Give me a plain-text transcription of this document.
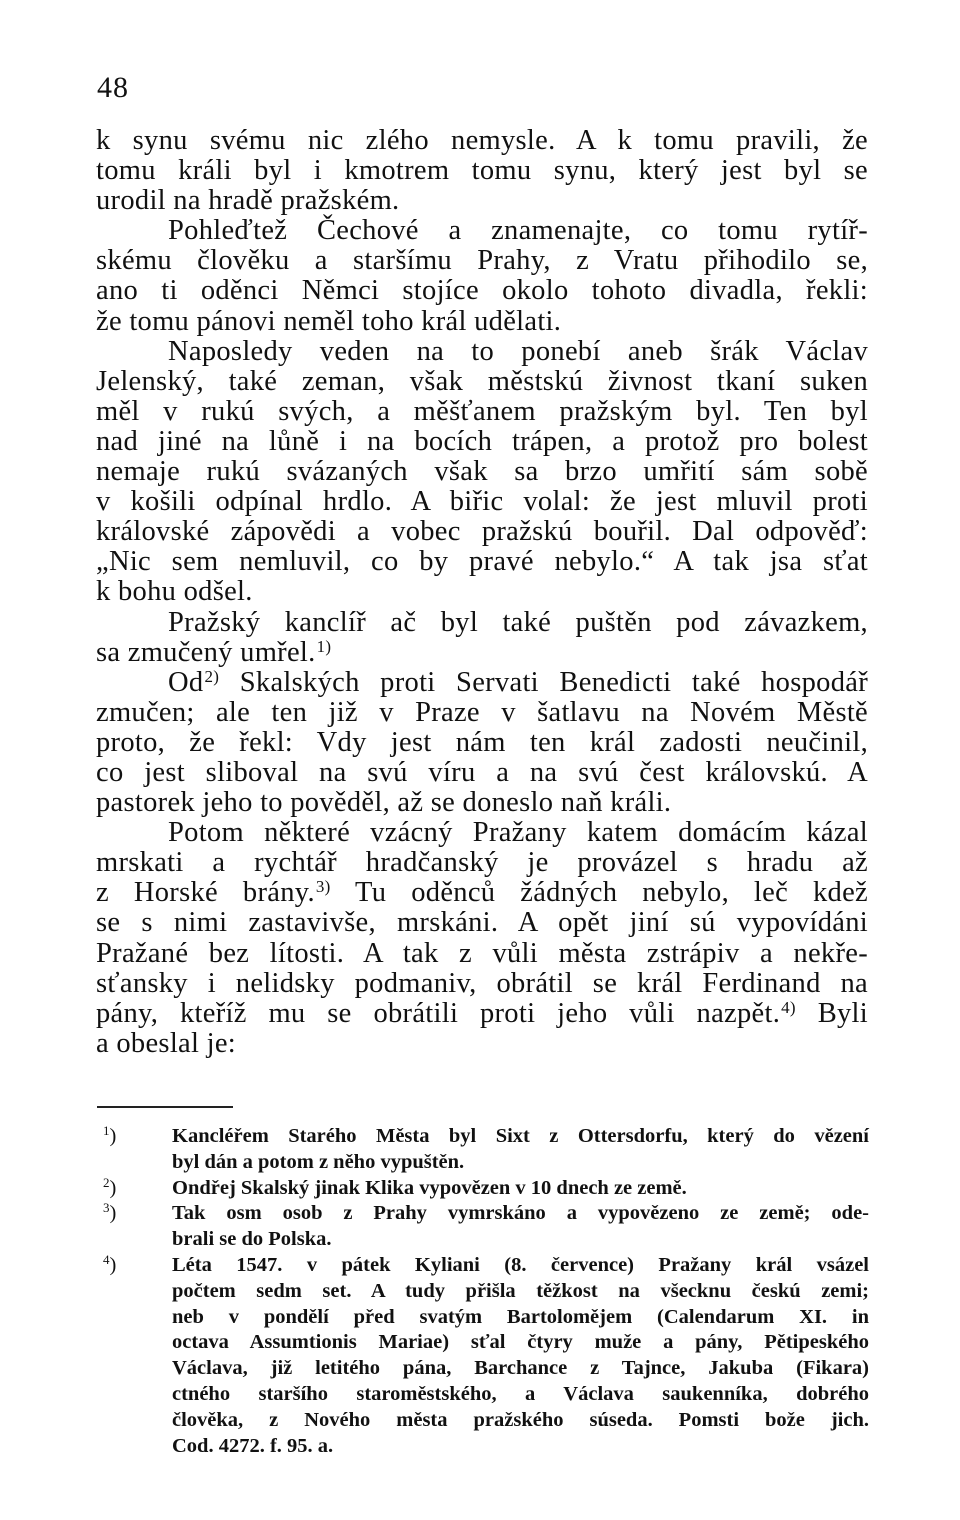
48
k synu svému nic zlého nemysle. A k tomu pravili, že
tomu králi byl i kmotrem tomu synu, který jest byl se
urodil na hradě pražském.
Pohleďtež Čechové a znamenajte, co tomu rytíř-
skému člověku a staršímu Prahy, z Vratu přihodilo se,
ano ti oděnci Němci stojíce okolo tohoto divadla, řekli:
že tomu pánovi neměl toho král udělati.
Naposledy veden na to ponebí aneb šrák Václav
Jelenský, také zeman, však městskú živnost tkaní suken
měl v rukú svých, a měšťanem pražským byl. Ten byl
nad jiné na lůně i na bocích trápen, a protož pro bolest
nemaje rukú svázaných však sa brzo umřití sám sobě
v košili odpínal hrdlo. A biřic volal: že jest mluvil proti
královské zápovědi a vobec pražskú bouřil. Dal odpověď:
„Nic sem nemluvil, co by pravé nebylo.“ A tak jsa sťat
k bohu odšel.
Pražský kanclíř ač byl také puštěn pod závazkem,
sa zmučený umřel.$^{1)}$
Od$^{2)}$ Skalských proti Servati Benedicti také hospodář
zmučen; ale ten již v Praze v šatlavu na Novém Městě
proto, že řekl: Vdy jest nám ten král zadosti neučinil,
co jest sliboval na svú víru a na svú čest královskú. A
pastorek jeho to pověděl, až se doneslo naň králi.
Potom některé vzácný Pražany katem domácím kázal
mrskati a rychtář hradčanský je provázel s hradu až
z Horské brány.$^{3)}$ Tu oděnců žádných nebylo, leč kdež
se s nimi zastavivše, mrskáni. A opět jiní sú vypovídáni
Pražané bez lítosti. A tak z vůli města zstrápiv a nekře-
sťansky i nelidsky podmaniv, obrátil se král Ferdinand na
pány, kteříž mu se obrátili proti jeho vůli nazpět.$^{4)}$ Byli
a obeslal je:
$^1$)	Kancléřem Starého Města byl Sixt z Ottersdorfu, který do vězení
byl dán a potom z něho vypuštěn.
$^2$)	Ondřej Skalský jinak Klika vypovězen v 10 dnech ze země.
$^3$)	Tak osm osob z Prahy vymrskáno a vypovězeno ze země; ode-
brali se do Polska.
$^4$)	Léta 1547. v pátek Kyliani (8. července) Pražany král vsázel
počtem sedm set. A tudy přišla těžkost na všecknu českú zemi;
neb v pondělí před svatým Bartolomějem (Calendarum XI. in
octava Assumtionis Mariae) sťal čtyry muže a pány, Pětipeského
Václava, již letitého pána, Barchance z Tajnce, Jakuba (Fikara)
ctného staršího staroměstského, a Václava saukenníka, dobrého
člověka, z Nového města pražského súseda. Pomsti bože jich.
Cod. 4272. f. 95. a.
